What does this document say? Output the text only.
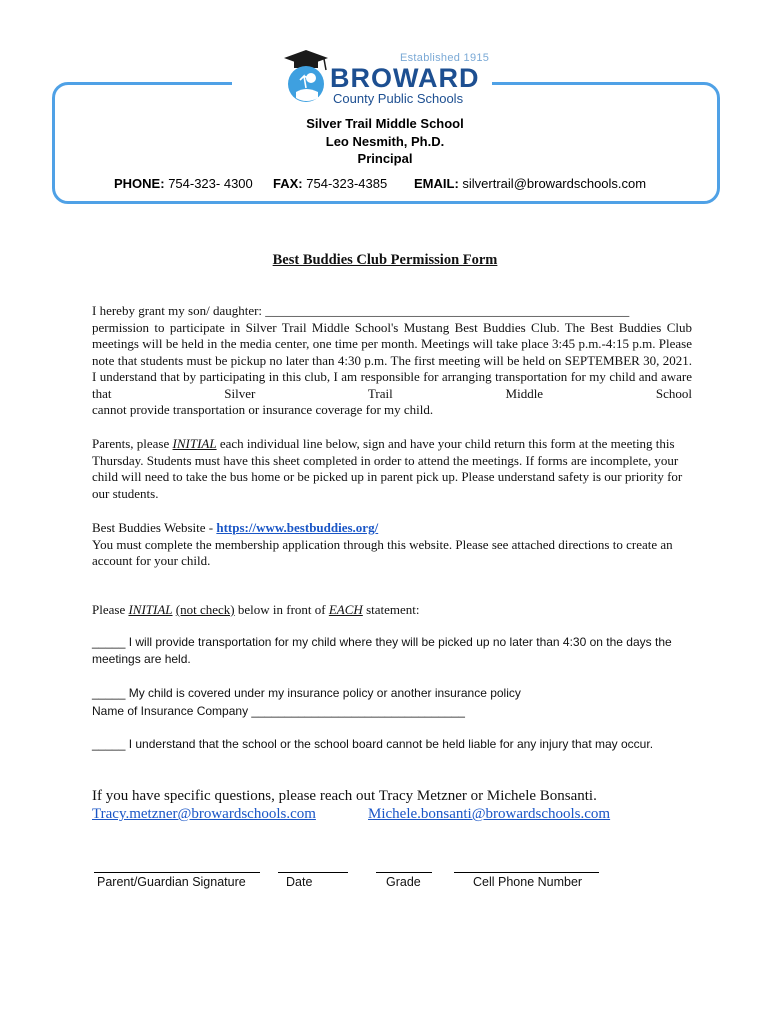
Established 1915
BROWARD
County Public Schools
Silver Trail Middle School
Leo Nesmith, Ph.D.
Principal
PHONE: 754-323- 4300 FAX: 754-323-4385 EMAIL: silvertrail@browardschools.com
Best Buddies Club Permission Form
I hereby grant my son/ daughter: ________________________________________________________
permission to participate in Silver Trail Middle School's Mustang Best Buddies Club. The Best Buddies Club meetings will be held in the media center, one time per month. Meetings will take place 3:45 p.m.-4:15 p.m. Please note that students must be pickup no later than 4:30 p.m. The first meeting will be held on SEPTEMBER 30, 2021. I understand that by participating in this club, I am responsible for arranging transportation for my child and aware that Silver Trail Middle School
cannot provide transportation or insurance coverage for my child.
Parents, please INITIAL each individual line below, sign and have your child return this form at the meeting this Thursday. Students must have this sheet completed in order to attend the meetings. If forms are incomplete, your child will need to take the bus home or be picked up in parent pick up. Please understand safety is our priority for our students.
Best Buddies Website - https://www.bestbuddies.org/
You must complete the membership application through this website. Please see attached directions to create an account for your child.
Please INITIAL (not check) below in front of EACH statement:
_____ I will provide transportation for my child where they will be picked up no later than 4:30 on the days the meetings are held.
_____ My child is covered under my insurance policy or another insurance policy
Name of Insurance Company ________________________________
_____ I understand that the school or the school board cannot be held liable for any injury that may occur.
If you have specific questions, please reach out Tracy Metzner or Michele Bonsanti.
Tracy.metzner@browardschools.com	Michele.bonsanti@browardschools.com
Parent/Guardian Signature	Date	Grade	Cell Phone Number
